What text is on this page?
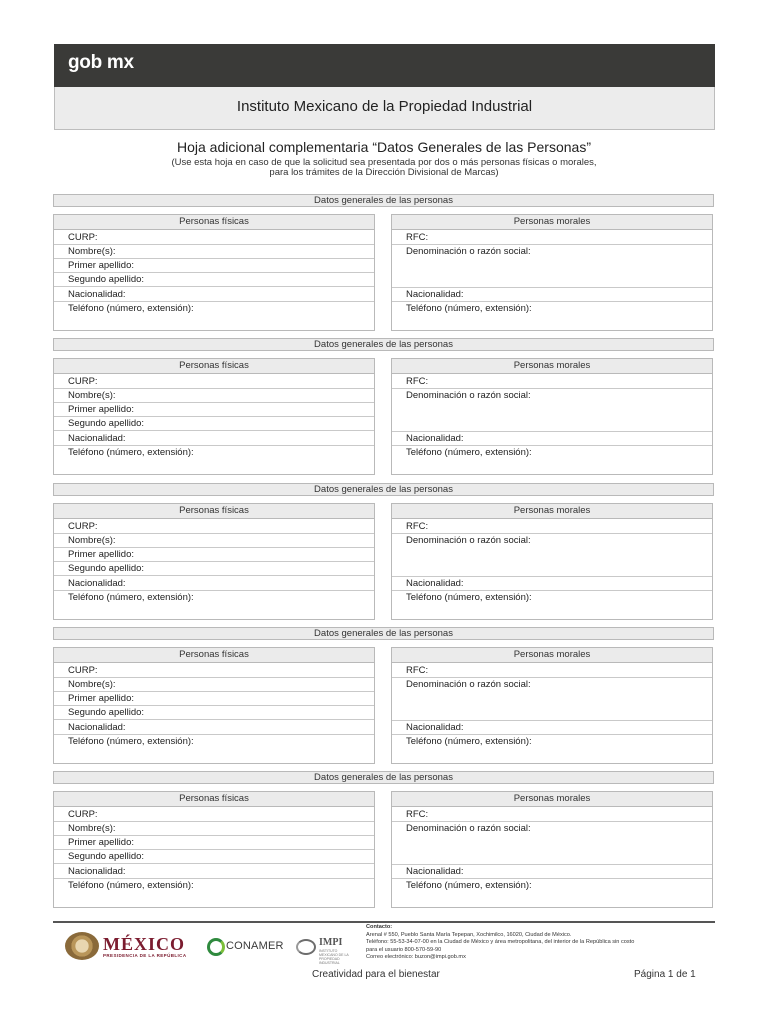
gob mx
Instituto Mexicano de la Propiedad Industrial
Hoja adicional complementaria “Datos Generales de las Personas”
(Use esta hoja en caso de que la solicitud sea presentada por dos o más personas físicas o morales,
para los trámites de la Dirección Divisional de Marcas)
Datos generales de las personas
Personas físicas
CURP:
Nombre(s):
Primer apellido:
Segundo apellido:
Nacionalidad:
Teléfono (número, extensión):
Personas morales
RFC:
Denominación o razón social:
Nacionalidad:
Teléfono (número, extensión):
Datos generales de las personas
Personas físicas
CURP:
Nombre(s):
Primer apellido:
Segundo apellido:
Nacionalidad:
Teléfono (número, extensión):
Personas morales
RFC:
Denominación o razón social:
Nacionalidad:
Teléfono (número, extensión):
Datos generales de las personas
Personas físicas
CURP:
Nombre(s):
Primer apellido:
Segundo apellido:
Nacionalidad:
Teléfono (número, extensión):
Personas morales
RFC:
Denominación o razón social:
Nacionalidad:
Teléfono (número, extensión):
Datos generales de las personas
Personas físicas
CURP:
Nombre(s):
Primer apellido:
Segundo apellido:
Nacionalidad:
Teléfono (número, extensión):
Personas morales
RFC:
Denominación o razón social:
Nacionalidad:
Teléfono (número, extensión):
Datos generales de las personas
Personas físicas
CURP:
Nombre(s):
Primer apellido:
Segundo apellido:
Nacionalidad:
Teléfono (número, extensión):
Personas morales
RFC:
Denominación o razón social:
Nacionalidad:
Teléfono (número, extensión):
MÉXICO
PRESIDENCIA DE LA REPÚBLICA
CONAMER	IMPI
INSTITUTO MEXICANO DE LA PROPIEDAD INDUSTRIAL
Contacto:
Arenal # 550, Pueblo Santa María Tepepan, Xochimilco, 16020, Ciudad de México.
Teléfono: 55-53-34-07-00 en la Ciudad de México y área metropolitana, del interior de la República sin costo
para el usuario 800-570-59-90
Correo electrónico: buzon@impi.gob.mx
Creatividad para el bienestar	Página 1 de 1
